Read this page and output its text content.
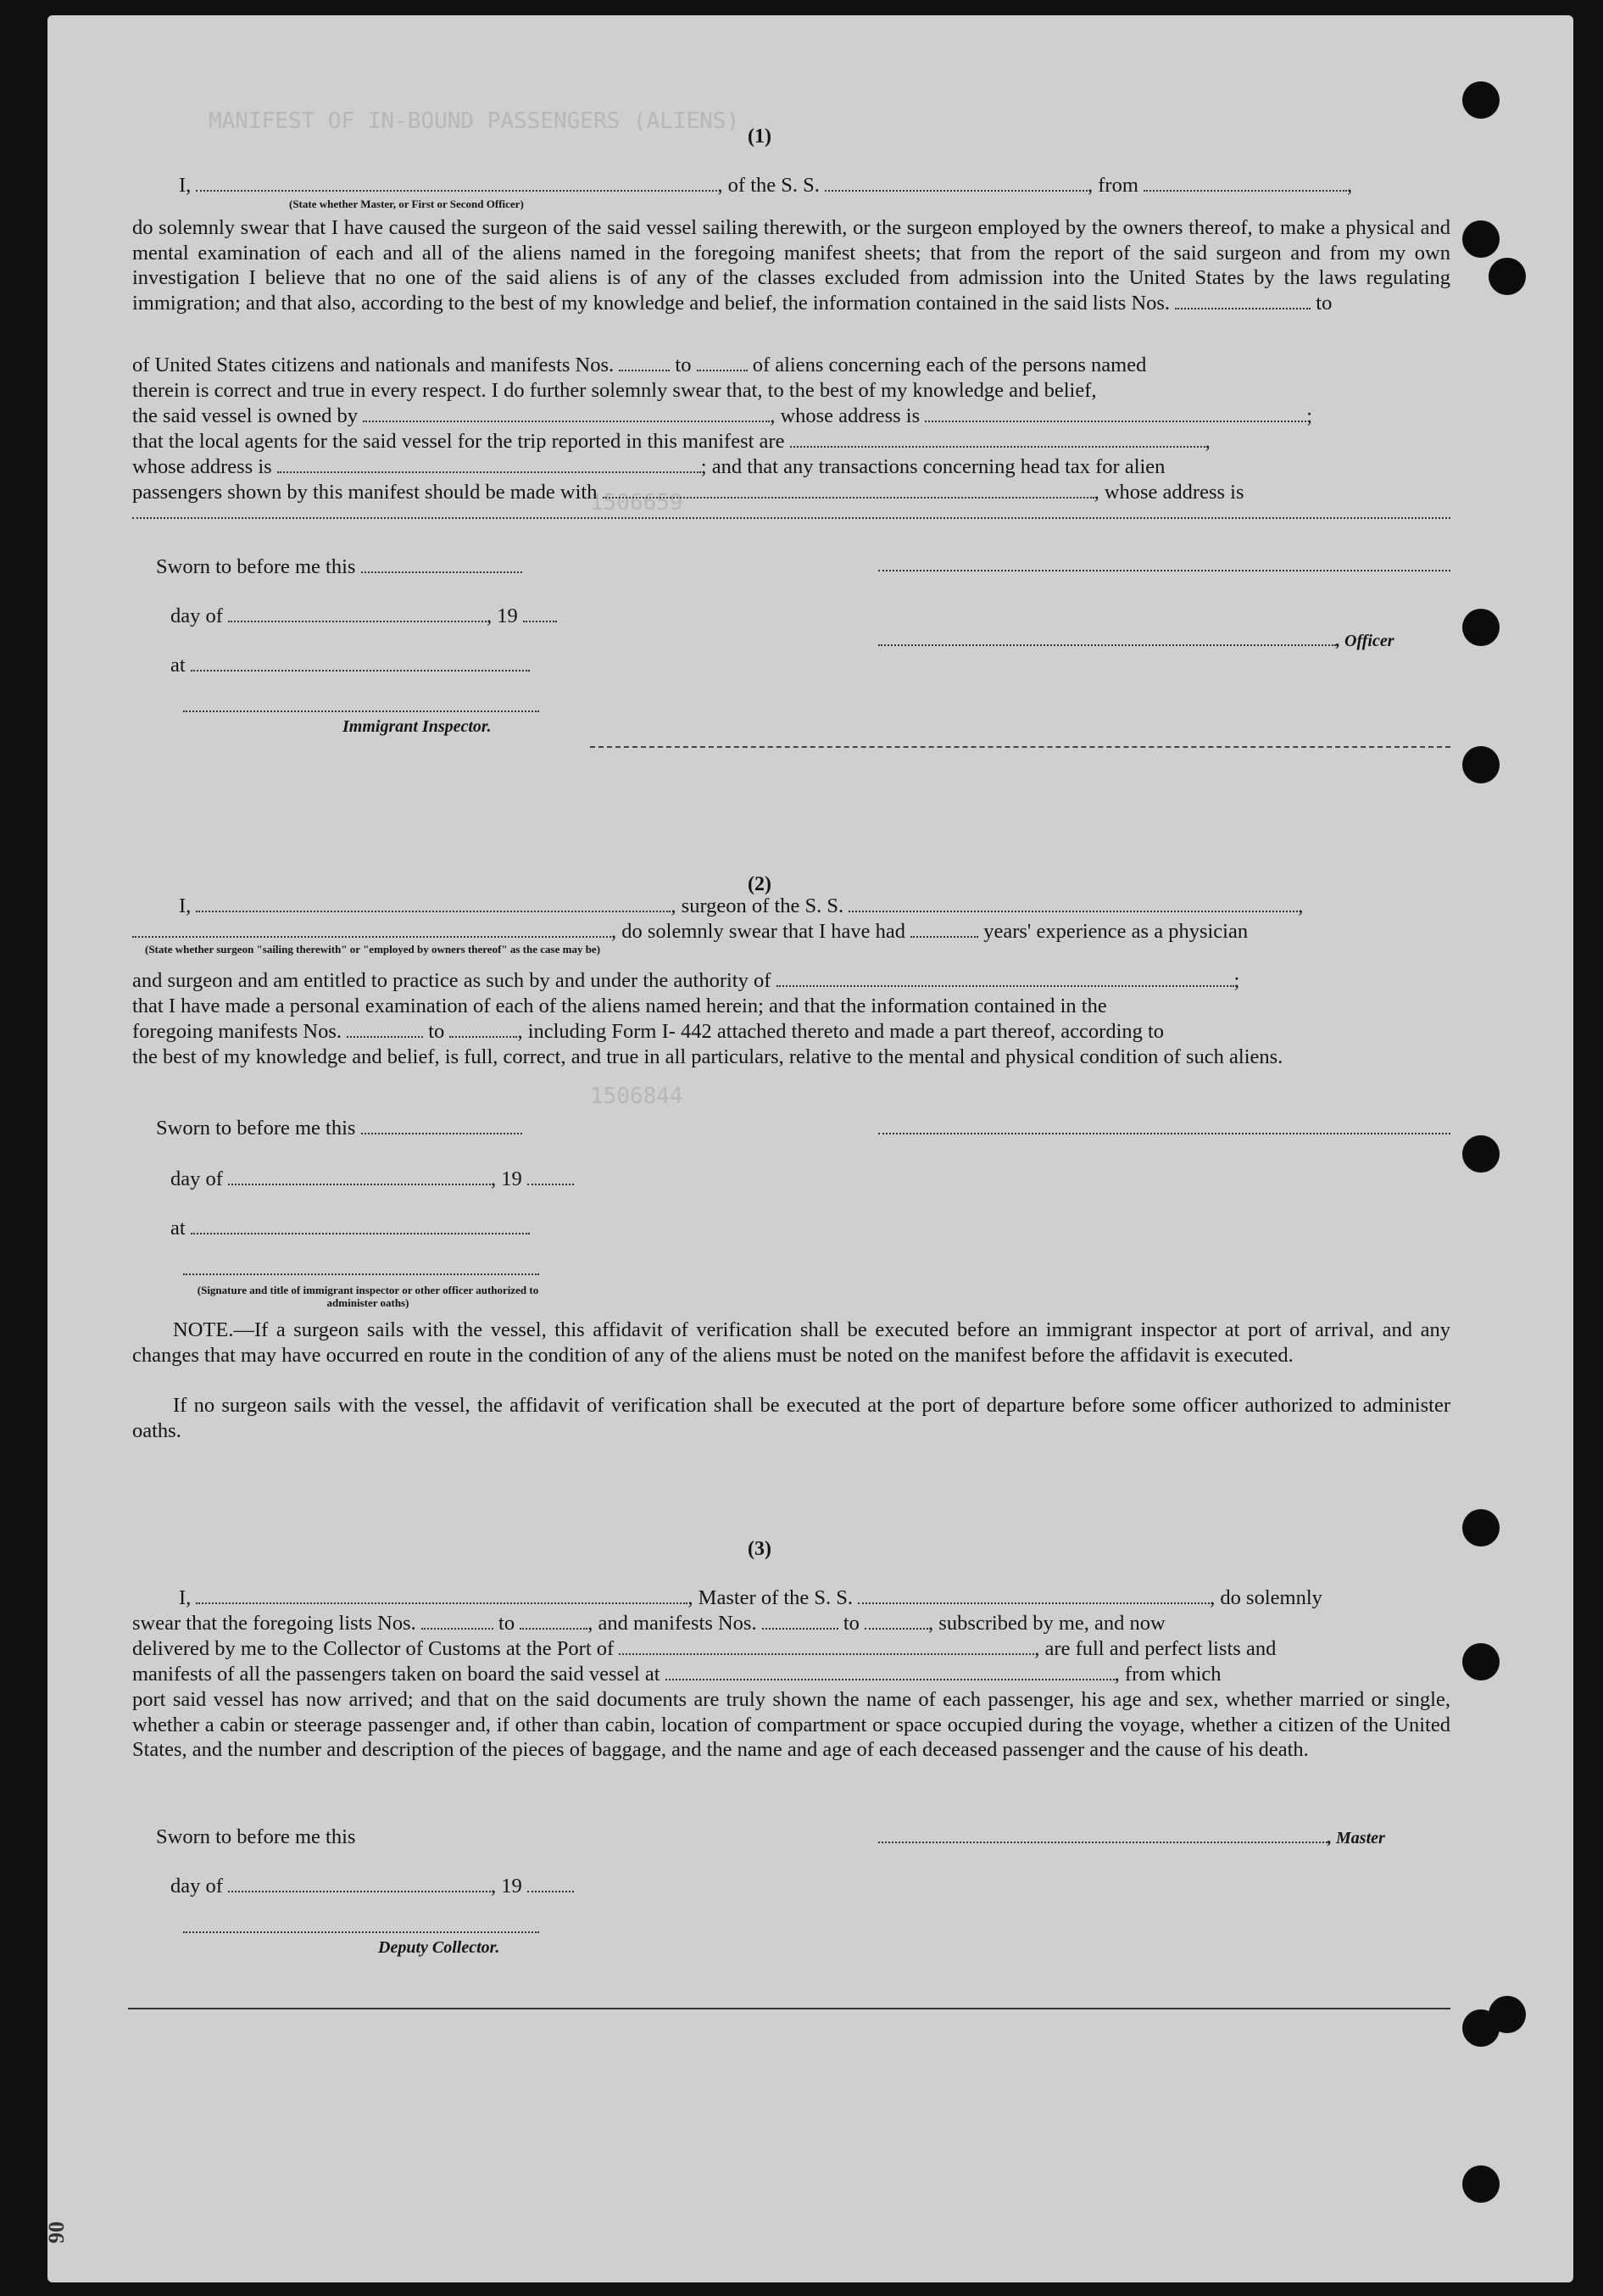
MANIFEST OF IN-BOUND PASSENGERS (ALIENS)
1506659
1506844
(1)
I,	, of the S. S.	, from	,
(State whether Master, or First or Second Officer)
do solemnly swear that I have caused the surgeon of the said vessel sailing therewith, or the surgeon employed by the owners thereof, to make a physical and mental examination of each and all of the aliens named in the foregoing manifest sheets; that from the report of the said surgeon and from my own investigation I believe that no one of the said aliens is of any of the classes excluded from admission into the United States by the laws regulating immigration; and that also, according to the best of my knowledge and belief, the information contained in the said lists Nos.	to
of United States citizens and nationals and manifests Nos.	to	of aliens concerning each of the persons named
therein is correct and true in every respect. I do further solemnly swear that, to the best of my knowledge and belief,
the said vessel is owned by	, whose address is	;
that the local agents for the said vessel for the trip reported in this manifest are	,
whose address is	; and that any transactions concerning head tax for alien
passengers shown by this manifest should be made with	, whose address is
Sworn to before me this
day of	, 19
, Officer
at
Immigrant Inspector.
(2)
I,	, surgeon of the S. S.	,
, do solemnly swear that I have had	years' experience as a physician
(State whether surgeon "sailing therewith" or "employed by owners thereof" as the case may be)
and surgeon and am entitled to practice as such by and under the authority of	;
that I have made a personal examination of each of the aliens named herein; and that the information contained in the
foregoing manifests Nos.	to	, including Form I- 442 attached thereto and made a part thereof, according to
the best of my knowledge and belief, is full, correct, and true in all particulars, relative to the mental and physical condition of such aliens.
Sworn to before me this
day of	, 19
at
(Signature and title of immigrant inspector or other officer authorized to administer oaths)
NOTE.—If a surgeon sails with the vessel, this affidavit of verification shall be executed before an immigrant inspector at port of arrival, and any changes that may have occurred en route in the condition of any of the aliens must be noted on the manifest before the affidavit is executed.
If no surgeon sails with the vessel, the affidavit of verification shall be executed at the port of departure before some officer authorized to administer oaths.
(3)
I,	, Master of the S. S.	, do solemnly
swear that the foregoing lists Nos.	to	, and manifests Nos.	to	, subscribed by me, and now
delivered by me to the Collector of Customs at the Port of	, are full and perfect lists and
manifests of all the passengers taken on board the said vessel at	, from which
port said vessel has now arrived; and that on the said documents are truly shown the name of each passenger, his age and sex, whether married or single, whether a cabin or steerage passenger and, if other than cabin, location of compartment or space occupied during the voyage, whether a citizen of the United States, and the number and description of the pieces of baggage, and the name and age of each deceased passenger and the cause of his death.
Sworn to before me this	, Master
day of	, 19
Deputy Collector.
90
